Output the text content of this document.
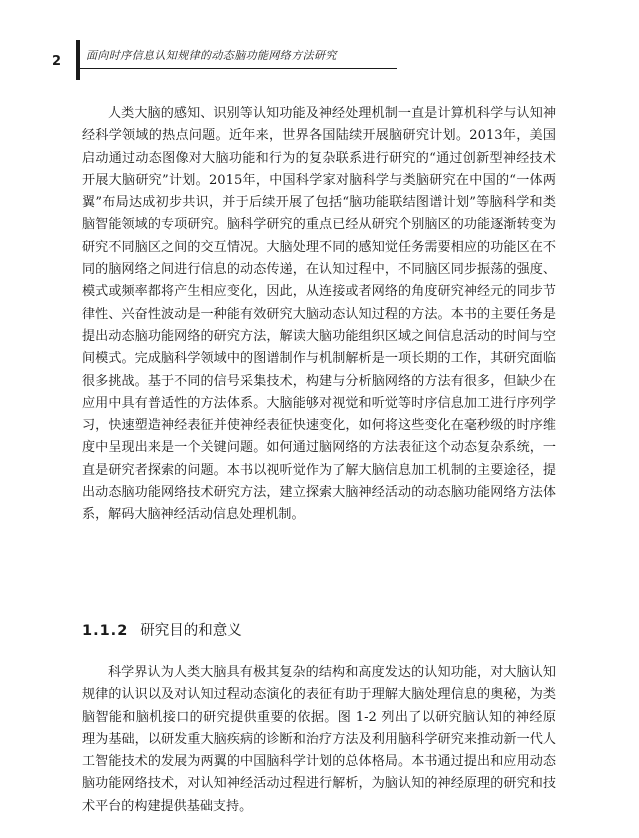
2 面向时序信息认知规律的动态脑功能网络方法研究

人类大脑的感知、识别等认知功能及神经处理机制一直是计算机科学与认知神经科学领域的热点问题。近年来，世界各国陆续开展脑研究计划。2013年，美国启动通过动态图像对大脑功能和行为的复杂联系进行研究的“通过创新型神经技术开展大脑研究”计划。2015年，中国科学家对脑科学与类脑研究在中国的“一体两翼”布局达成初步共识，并于后续开展了包括“脑功能联结图谱计划”等脑科学和类脑智能领域的专项研究。脑科学研究的重点已经从研究个别脑区的功能逐渐转变为研究不同脑区之间的交互情况。大脑处理不同的感知觉任务需要相应的功能区在不同的脑网络之间进行信息的动态传递，在认知过程中，不同脑区同步振荡的强度、模式或频率都将产生相应变化，因此，从连接或者网络的角度研究神经元的同步节律性、兴奋性波动是一种能有效研究大脑动态认知过程的方法。本书的主要任务是提出动态脑功能网络的研究方法，解读大脑功能组织区域之间信息活动的时间与空间模式。完成脑科学领域中的图谱制作与机制解析是一项长期的工作，其研究面临很多挑战。基于不同的信号采集技术，构建与分析脑网络的方法有很多，但缺少在应用中具有普适性的方法体系。大脑能够对视觉和听觉等时序信息加工进行序列学习，快速塑造神经表征并使神经表征快速变化，如何将这些变化在毫秒级的时序维度中呈现出来是一个关键问题。如何通过脑网络的方法表征这个动态复杂系统，一直是研究者探索的问题。本书以视听觉作为了解大脑信息加工机制的主要途径，提出动态脑功能网络技术研究方法，建立探索大脑神经活动的动态脑功能网络方法体系，解码大脑神经活动信息处理机制。

1.1.2 研究目的和意义

科学界认为人类大脑具有极其复杂的结构和高度发达的认知功能，对大脑认知规律的认识以及对认知过程动态演化的表征有助于理解大脑处理信息的奥秘，为类脑智能和脑机接口的研究提供重要的依据。图 1-2 列出了以研究脑认知的神经原理为基础，以研发重大脑疾病的诊断和治疗方法及利用脑科学研究来推动新一代人工智能技术的发展为两翼的中国脑科学计划的总体格局。本书通过提出和应用动态脑功能网络技术，对认知神经活动过程进行解析，为脑认知的神经原理的研究和技术平台的构建提供基础支持。
